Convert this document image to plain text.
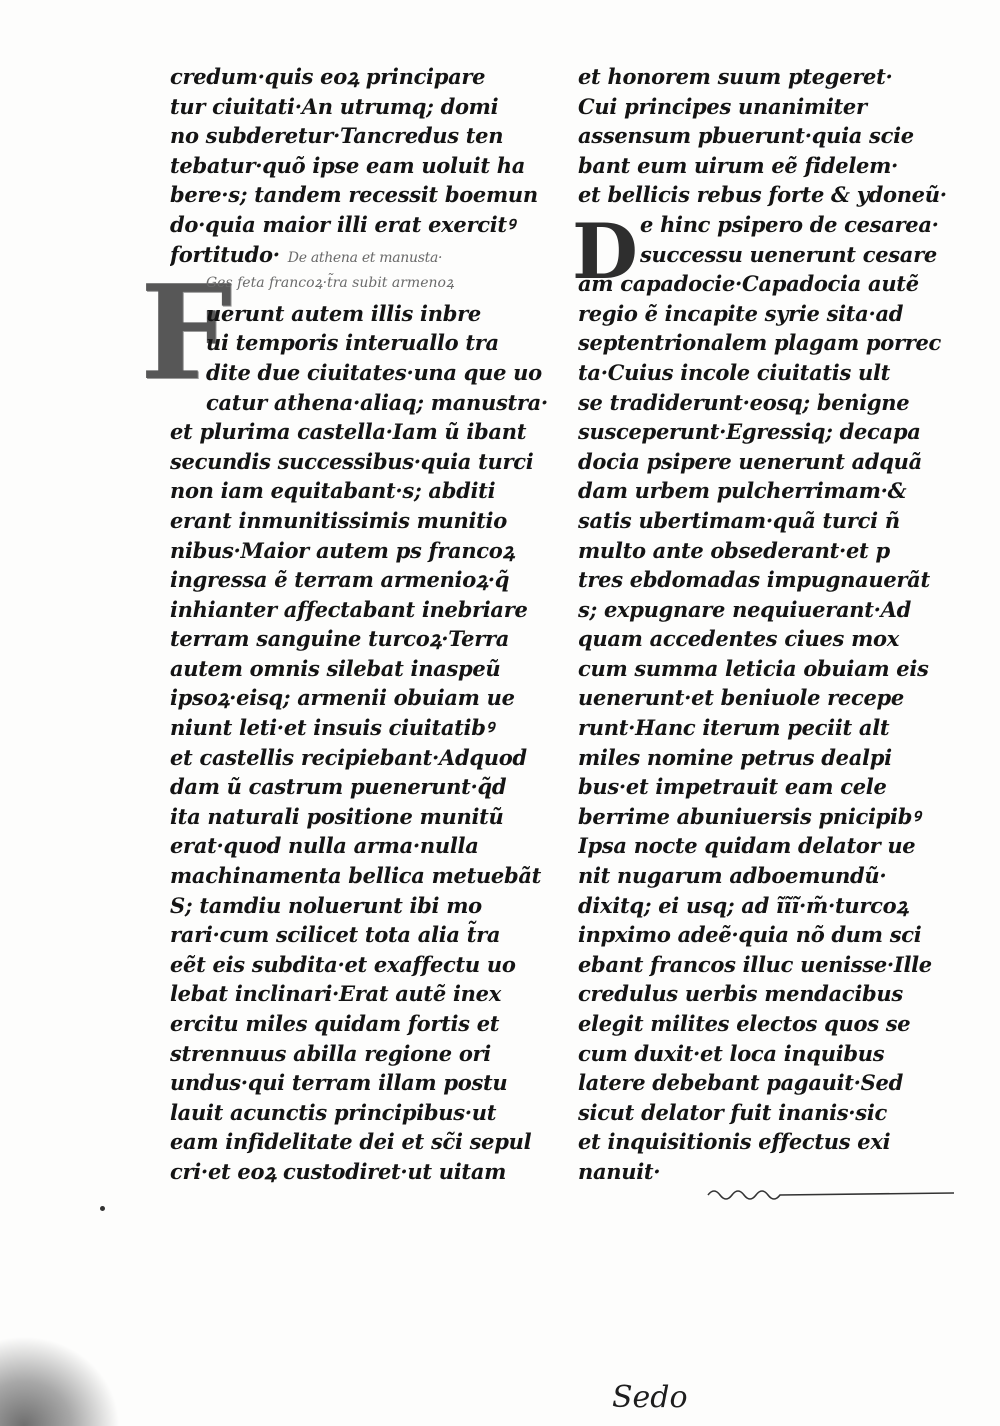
F
D
credum·quis eoꝝ principare
tur ciuitati·An utrumq; domi
no subderetur·Tancredus ten
tebatur·quõ ipse eam uoluit ha
bere·s; tandem recessit boemun
do·quia maior illi erat exercitꝰ
fortitudo· De athena et manusta·
Ges feta francoꝝ·t̃ra subit armenoꝝ
uerunt autem illis inbre
ui temporis interuallo tra
dite due ciuitates·una que uo
catur athena·aliaq; manustra·
et plurima castella·Iam ũ ibant
secundis successibus·quia turci
non iam equitabant·s; abditi
erant inmunitissimis munitio
nibus·Maior autem ps francoꝝ
ingressa ẽ terram armenioꝝ·q̃
inhianter affectabant inebriare
terram sanguine turcoꝝ·Terra
autem omnis silebat inaspeũ
ipsoꝝ·eisq; armenii obuiam ue
niunt leti·et insuis ciuitatibꝰ
et castellis recipiebant·Adquod
dam ũ castrum puenerunt·q̃d
ita naturali positione munitũ
erat·quod nulla arma·nulla
machinamenta bellica metuebãt
S; tamdiu noluerunt ibi mo
rari·cum scilicet tota alia t̃ra
eẽt eis subdita·et exaffectu uo
lebat inclinari·Erat autẽ inex
ercitu miles quidam fortis et
strennuus abilla regione ori
undus·qui terram illam postu
lauit acunctis principibus·ut
eam infidelitate dei et sc̃i sepul
cri·et eoꝝ custodiret·ut uitam
et honorem suum ptegeret·
Cui principes unanimiter
assensum pbuerunt·quia scie
bant eum uirum eẽ fidelem·
et bellicis rebus forte & ydoneũ·
e hinc psipero de cesarea·
successu uenerunt cesare
am capadocie·Capadocia autẽ
regio ẽ incapite syrie sita·ad
septentrionalem plagam porrec
ta·Cuius incole ciuitatis ult
se tradiderunt·eosq; benigne
susceperunt·Egressiq; decapa
docia psipere uenerunt adquã
dam urbem pulcherrimam·&
satis ubertimam·quã turci ñ
multo ante obsederant·et p
tres ebdomadas impugnauerãt
s; expugnare nequiuerant·Ad
quam accedentes ciues mox
cum summa leticia obuiam eis
uenerunt·et beniuole recepe
runt·Hanc iterum peciit alt
miles nomine petrus dealpi
bus·et impetrauit eam cele
berrime abuniuersis pnicipibꝰ
Ipsa nocte quidam delator ue
nit nugarum adboemundũ·
dixitq; ei usq; ad ĩĩĩ·m̃·turcoꝝ
inpximo adeẽ·quia nõ dum sci
ebant francos illuc uenisse·Ille
credulus uerbis mendacibus
elegit milites electos quos se
cum duxit·et loca inquibus
latere debebant pagauit·Sed
sicut delator fuit inanis·sic
et inquisitionis effectus exi
nanuit·
Sedo
